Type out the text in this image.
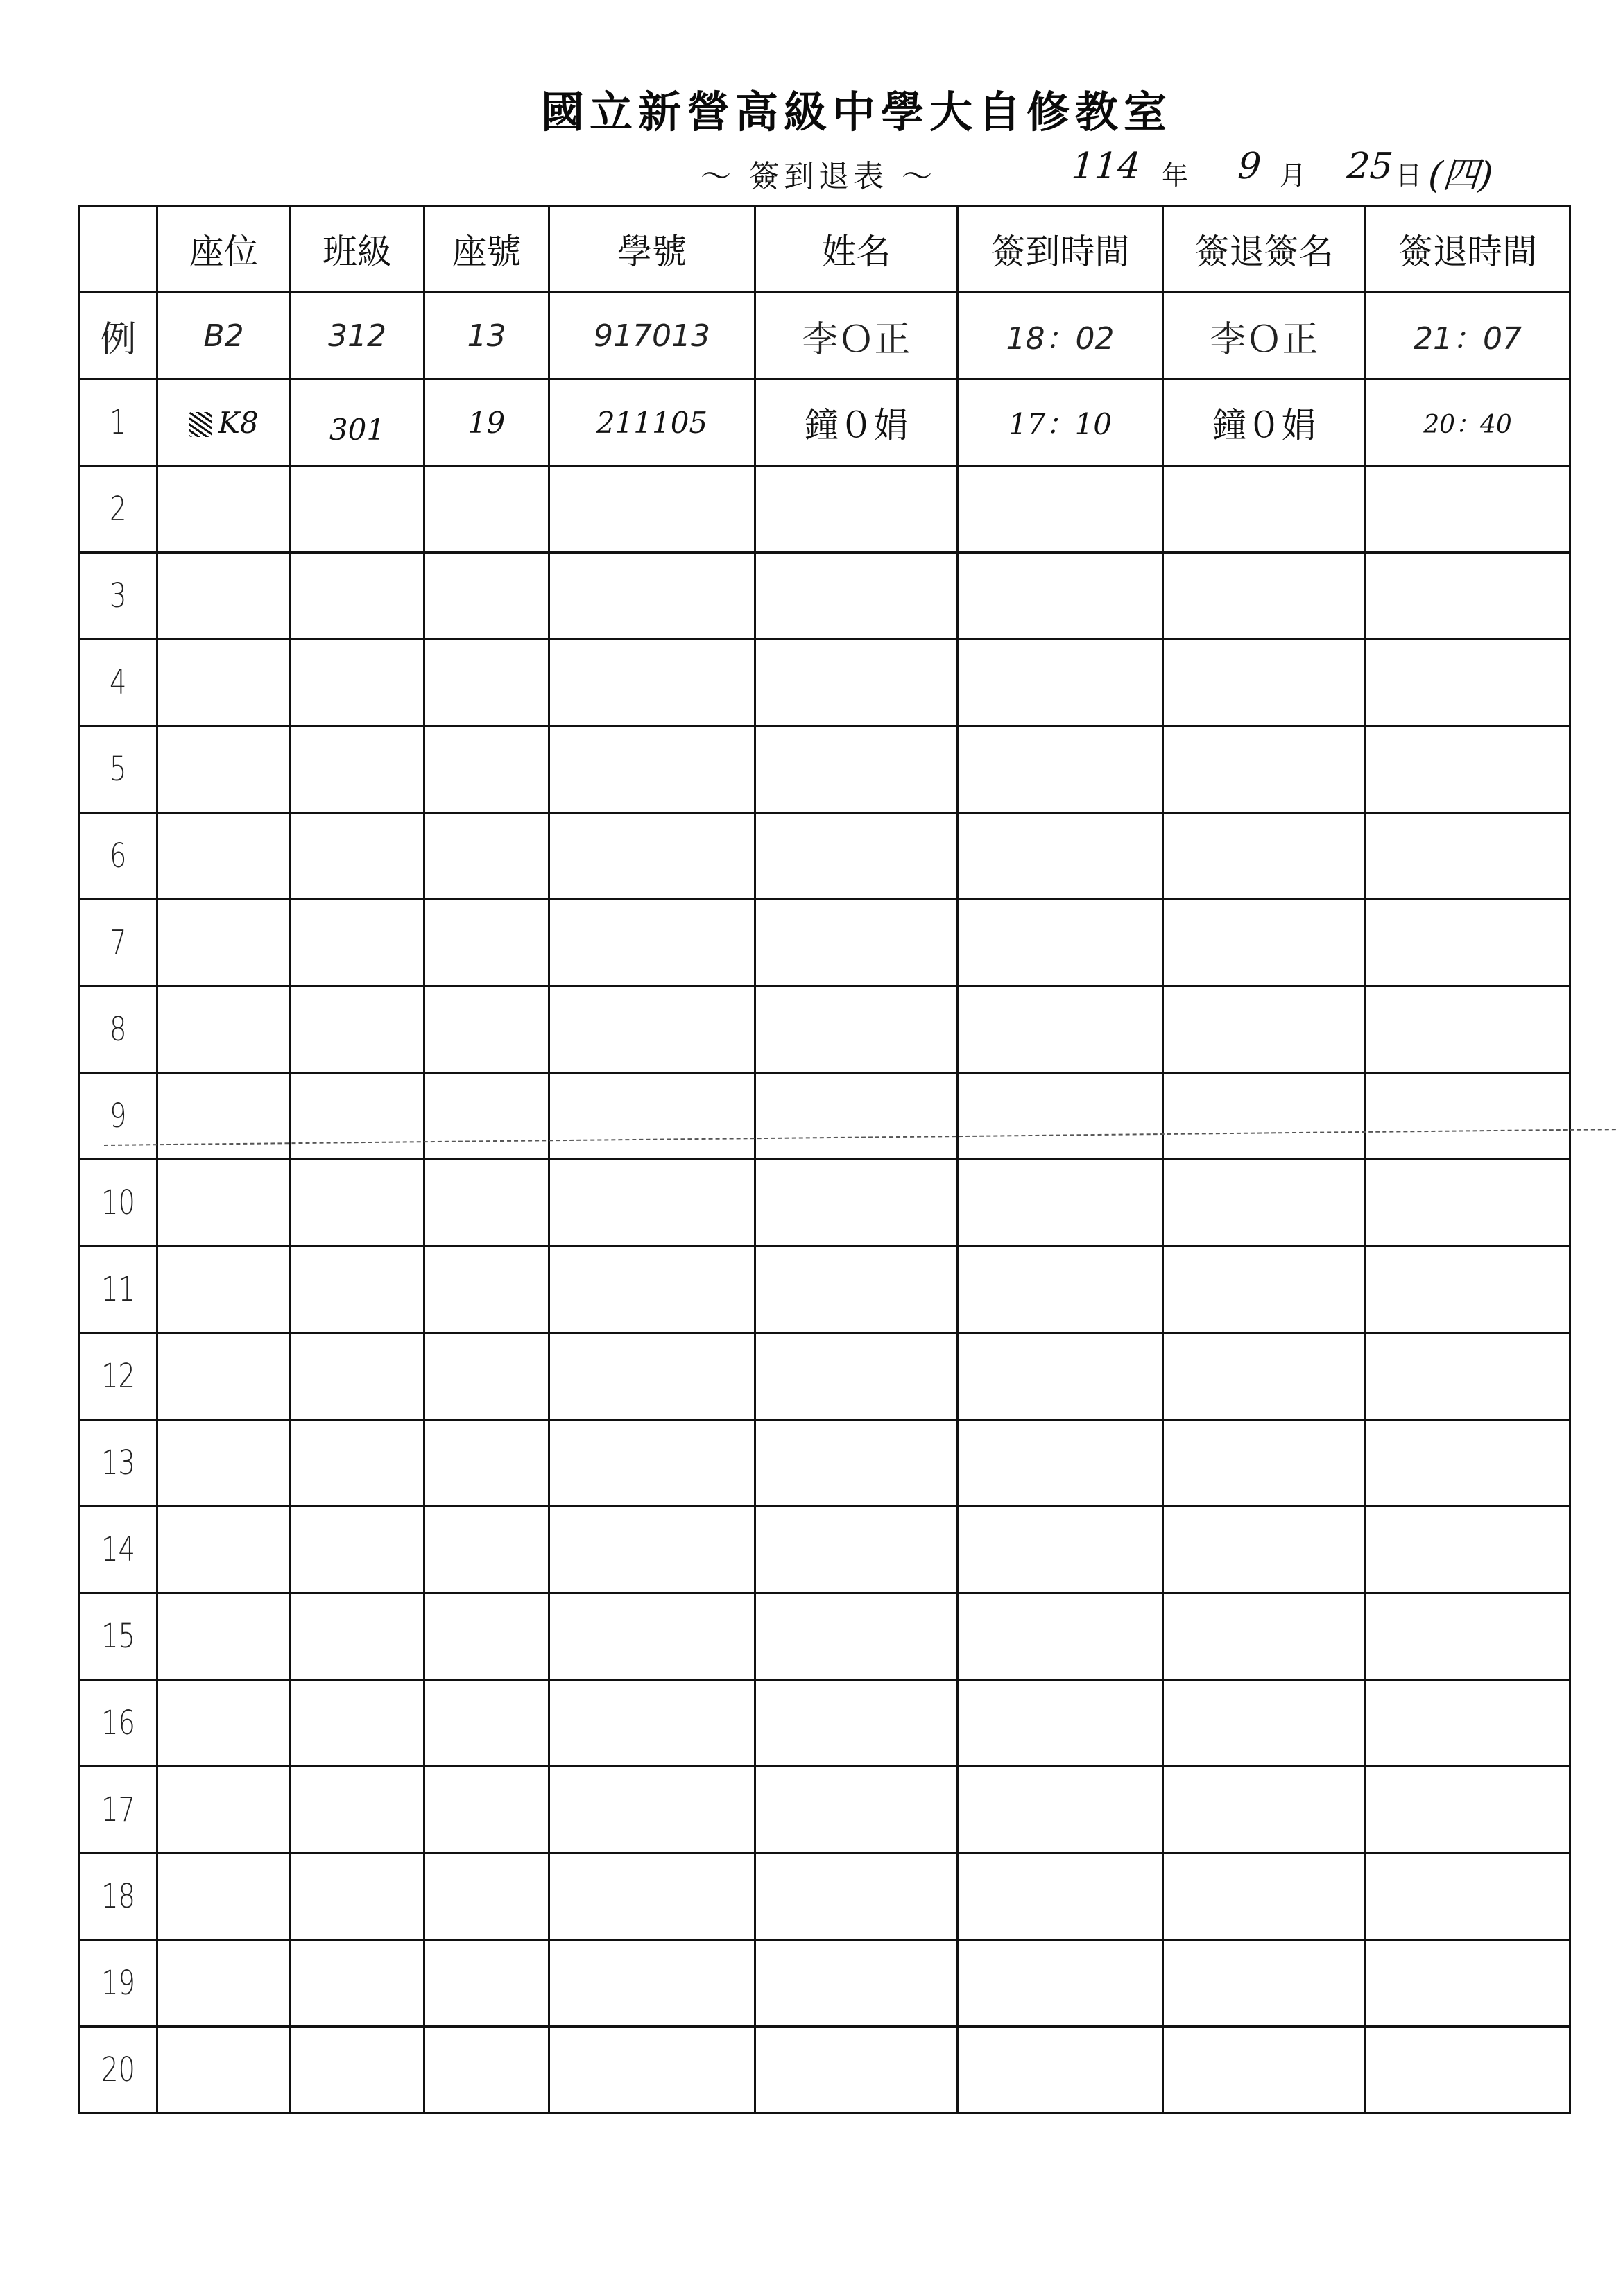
國立新營高級中學大自修教室
～ 簽到退表 ～	114 年 9 月 25 日 (四)
	座位	班級	座號	學號	姓名	簽到時間	簽退簽名	簽退時間
例	B2	312	13	917013	李Ｏ正	18：02	李Ｏ正	21：07
1	K8	301	19	211105	鐘０娟	17：10	鐘０娟	20：40
2								
3								
4								
5								
6								
7								
8								
9								
10								
11								
12								
13								
14								
15								
16								
17								
18								
19								
20								
